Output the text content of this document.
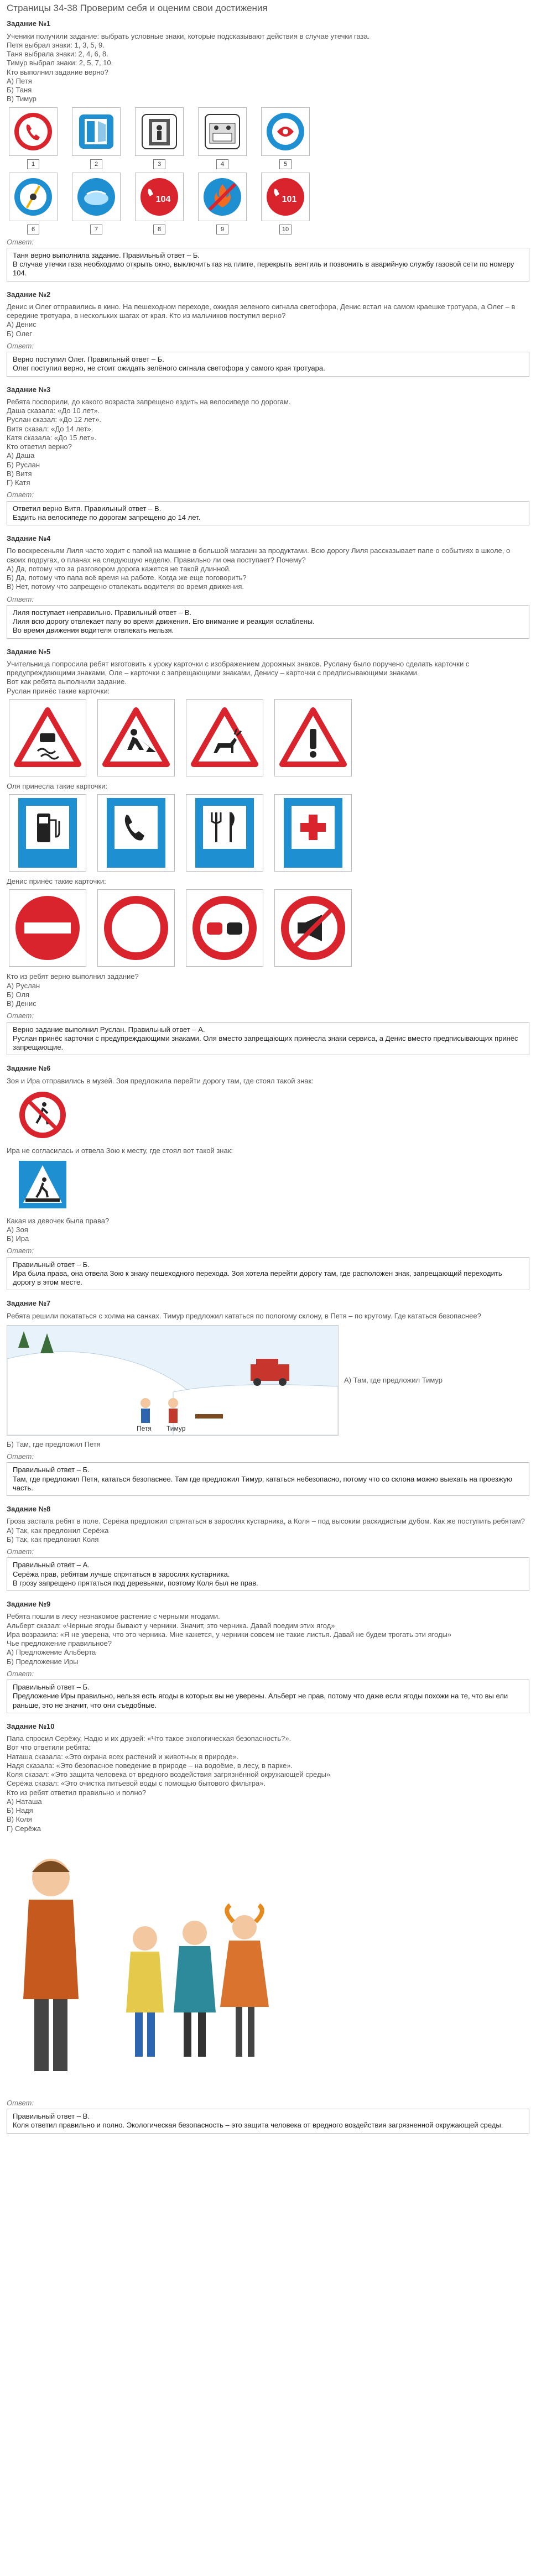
Страницы 34-38 Проверим себя и оценим свои достижения
Задание №1

Ученики получили задание: выбрать условные знаки, которые подсказывают действия в случае утечки газа.

Петя выбрал знаки: 1, 3, 5, 9.

Таня выбрала знаки: 2, 4, 6, 8.

Тимур выбрал знаки: 2, 5, 7, 10.

Кто выполнил задание верно?

А) Петя

Б) Таня

В) Тимур

1	2	3	4	5
6	7
104
8	9
101
10
Ответ:

Таня верно выполнила задание. Правильный ответ – Б.

В случае утечки газа необходимо открыть окно, выключить газ на плите, перекрыть вентиль и позвонить в аварийную службу газовой сети по номеру 104.

Задание №2

Денис и Олег отправились в кино. На пешеходном переходе, ожидая зеленого сигнала светофора, Денис встал на самом краешке тротуара, а Олег – в середине тротуара, в нескольких шагах от края. Кто из мальчиков поступил верно?

А) Денис

Б) Олег

Ответ:

Верно поступил Олег. Правильный ответ – Б.

Олег поступил верно, не стоит ожидать зелёного сигнала светофора у самого края тротуара.

Задание №3

Ребята поспорили, до какого возраста запрещено ездить на велосипеде по дорогам.

Даша сказала: «До 10 лет».

Руслан сказал: «До 12 лет».

Витя сказал: «До 14 лет».

Катя сказала: «До 15 лет».

Кто ответил верно?

А) Даша

Б) Руслан

В) Витя

Г) Катя

Ответ:

Ответил верно Витя. Правильный ответ – В.

Ездить на велосипеде по дорогам запрещено до 14 лет.

Задание №4

По воскресеньям Лиля часто ходит с папой на машине в большой магазин за продуктами. Всю дорогу Лиля рассказывает папе о событиях в школе, о своих подругах, о планах на следующую неделю. Правильно ли она поступает? Почему?

А) Да, потому что за разговором дорога кажется не такой длинной.

Б) Да, потому что папа всё время на работе. Когда же еще поговорить?

В) Нет, потому что запрещено отвлекать водителя во время движения.

Ответ:

Лиля поступает неправильно. Правильный ответ – В.

Лиля всю дорогу отвлекает папу во время движения. Его внимание и реакция ослаблены.

Во время движения водителя отвлекать нельзя.

Задание №5

Учительница попросила ребят изготовить к уроку карточки с изображением дорожных знаков. Руслану было поручено сделать карточки с предупреждающими знаками, Оле – карточки с запрещающими знаками, Денису – карточки с предписывающими знаками.

Вот как ребята выполнили задание.

Руслан принёс такие карточки:

Оля принесла такие карточки:
Денис принёс такие карточки:

Кто из ребят верно выполнил задание?

А) Руслан

Б) Оля

В) Денис

Ответ:

Верно задание выполнил Руслан. Правильный ответ – А.

Руслан принёс карточки с предупреждающими знаками. Оля вместо запрещающих принесла знаки сервиса, а Денис вместо предписывающих принёс запрещающие.

Задание №6

Зоя и Ира отправились в музей. Зоя предложила перейти дорогу там, где стоял такой знак:

Ира не согласилась и отвела Зою к месту, где стоял вот такой знак:

Какая из девочек была права?

А) Зоя

Б) Ира

Ответ:

Правильный ответ – Б.

Ира была права, она отвела Зою к знаку пешеходного перехода. Зоя хотела перейти дорогу там, где расположен знак, запрещающий переходить дорогу в этом месте.

Задание №7

Ребята решили покататься с холма на санках. Тимур предложил кататься по пологому склону, в Петя – по крутому. Где кататься безопаснее?

Петя Тимур

А) Там, где предложил Тимур

Б) Там, где предложил Петя

Ответ:

Правильный ответ – Б.

Там, где предложил Петя, кататься безопаснее. Там где предложил Тимур, кататься небезопасно, потому что со склона можно выехать на проезжую часть.

Задание №8

Гроза застала ребят в поле. Серёжа предложил спрятаться в зарослях кустарника, а Коля – под высоким раскидистым дубом. Как же поступить ребятам?

А) Так, как предложил Серёжа

Б) Так, как предложил Коля

Ответ:

Правильный ответ – А.

Серёжа прав, ребятам лучше спрятаться в зарослях кустарника.

В грозу запрещено прятаться под деревьями, поэтому Коля был не прав.

Задание №9

Ребята пошли в лесу незнакомое растение с черными ягодами.

Альберт сказал: «Черные ягоды бывают у черники. Значит, это черника. Давай поедим этих ягод»

Ира возразила: «Я не уверена, что это черника. Мне кажется, у черники совсем не такие листья. Давай не будем трогать эти ягоды»

Чье предложение правильное?

А) Предложение Альберта

Б) Предложение Иры

Ответ:

Правильный ответ – Б.

Предложение Иры правильно, нельзя есть ягоды в которых вы не уверены. Альберт не прав, потому что даже если ягоды похожи на те, что вы ели раньше, это не значит, что они съедобные.

Задание №10

Папа спросил Серёжу, Надю и их друзей: «Что такое экологическая безопасность?».

Вот что ответили ребята:

Наташа сказала: «Это охрана всех растений и животных в природе».

Надя сказала: «Это безопасное поведение в природе – на водоёме, в лесу, в парке».

Коля сказал: «Это защита человека от вредного воздействия загрязнённой окружающей среды»

Серёжа сказал: «Это очистка питьевой воды с помощью бытового фильтра».

Кто из ребят ответил правильно и полно?

А) Наташа

Б) Надя

В) Коля

Г) Серёжа

Ответ:

Правильный ответ – В.

Коля ответил правильно и полно. Экологическая безопасность – это защита человека от вредного воздействия загрязненной окружающей среды.
